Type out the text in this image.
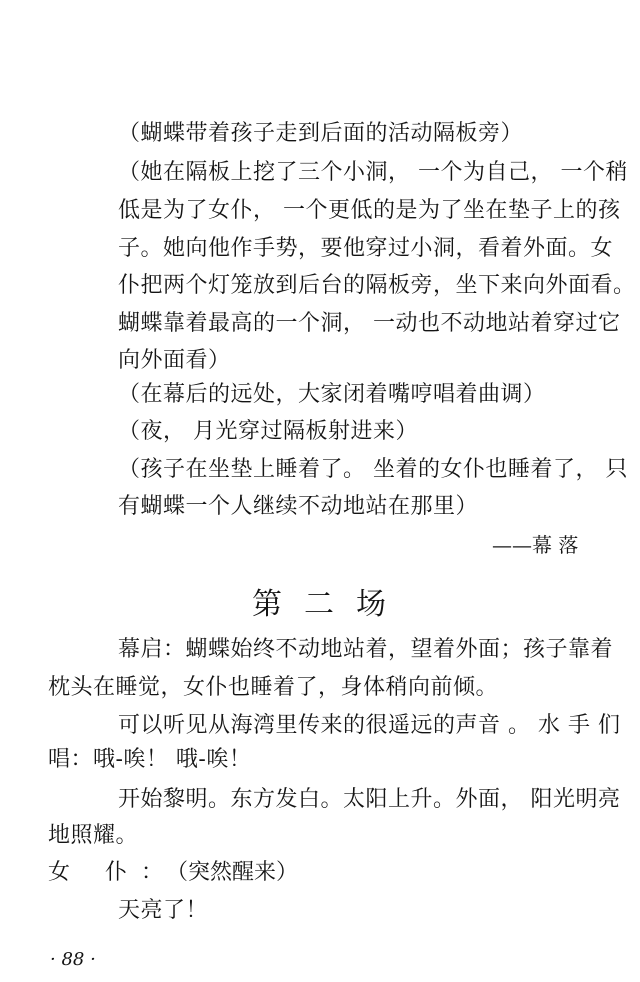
（蝴蝶带着孩子走到后面的活动隔板旁）
（她在隔板上挖了三个小洞， 一个为自己， 一个稍
低是为了女仆， 一个更低的是为了坐在垫子上的孩
子。她向他作手势，要他穿过小洞，看着外面。女
仆把两个灯笼放到后台的隔板旁，坐下来向外面看。
蝴蝶靠着最高的一个洞， 一动也不动地站着穿过它
向外面看）
（在幕后的远处，大家闭着嘴哼唱着曲调）
（夜， 月光穿过隔板射进来）
（孩子在坐垫上睡着了。 坐着的女仆也睡着了， 只
有蝴蝶一个人继续不动地站在那里）
——幕 落
第二场
幕启：蝴蝶始终不动地站着，望着外面；孩子靠着
枕头在睡觉，女仆也睡着了，身体稍向前倾。
可以听见从海湾里传来的很遥远的声音 。 水 手 们
唱：哦-唉！ 哦-唉！
开始黎明。东方发白。太阳上升。外面， 阳光明亮
地照耀。
女 仆：（突然醒来）
天亮了！
· 88 ·
